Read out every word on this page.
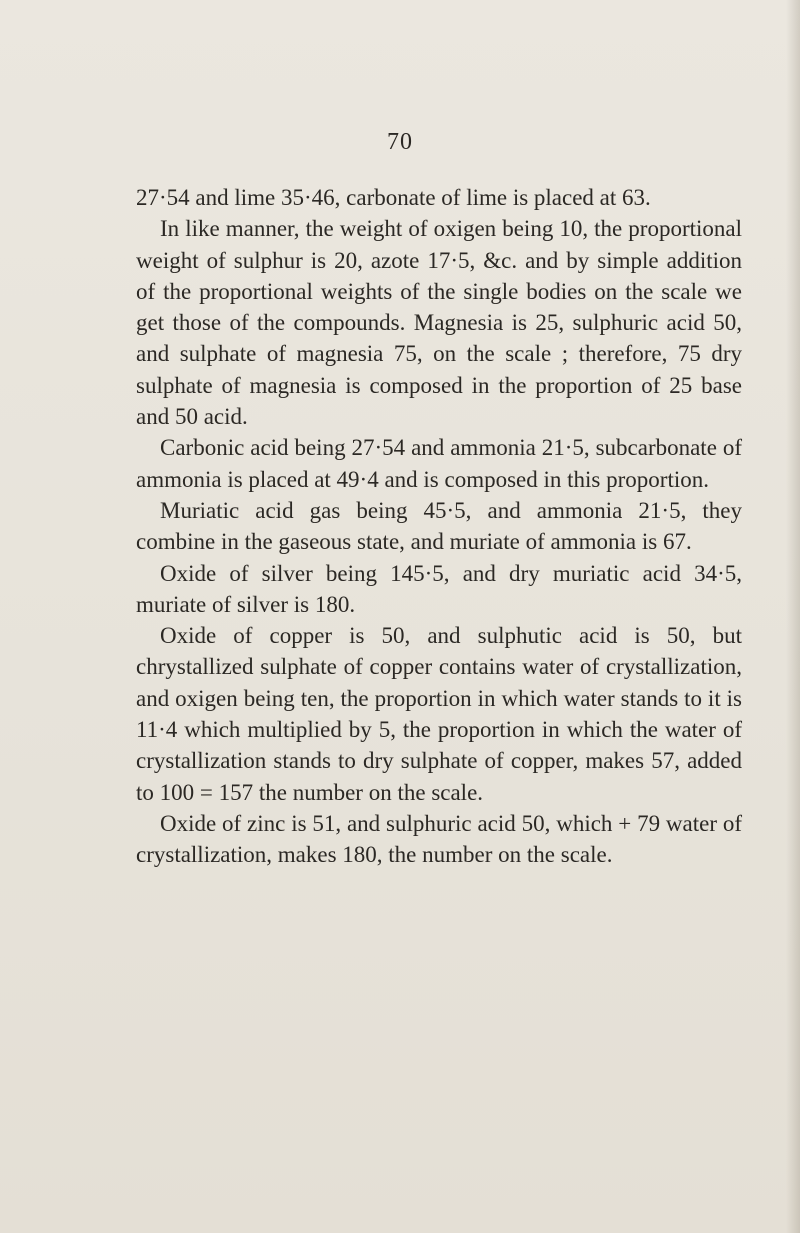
70

27·54 and lime 35·46, carbonate of lime is placed at 63.

In like manner, the weight of oxigen being 10, the proportional weight of sulphur is 20, azote 17·5, &c. and by simple addition of the proportional weights of the single bodies on the scale we get those of the compounds. Magnesia is 25, sulphuric acid 50, and sulphate of magnesia 75, on the scale ; therefore, 75 dry sulphate of magnesia is composed in the proportion of 25 base and 50 acid.

Carbonic acid being 27·54 and ammonia 21·5, subcarbonate of ammonia is placed at 49·4 and is composed in this proportion.

Muriatic acid gas being 45·5, and ammonia 21·5, they combine in the gaseous state, and muriate of ammonia is 67.

Oxide of silver being 145·5, and dry muriatic acid 34·5, muriate of silver is 180.

Oxide of copper is 50, and sulphutic acid is 50, but chrystallized sulphate of copper contains water of crystallization, and oxigen being ten, the proportion in which water stands to it is 11·4 which multiplied by 5, the proportion in which the water of crystallization stands to dry sulphate of copper, makes 57, added to 100 = 157 the number on the scale.

Oxide of zinc is 51, and sulphuric acid 50, which + 79 water of crystallization, makes 180, the number on the scale.
